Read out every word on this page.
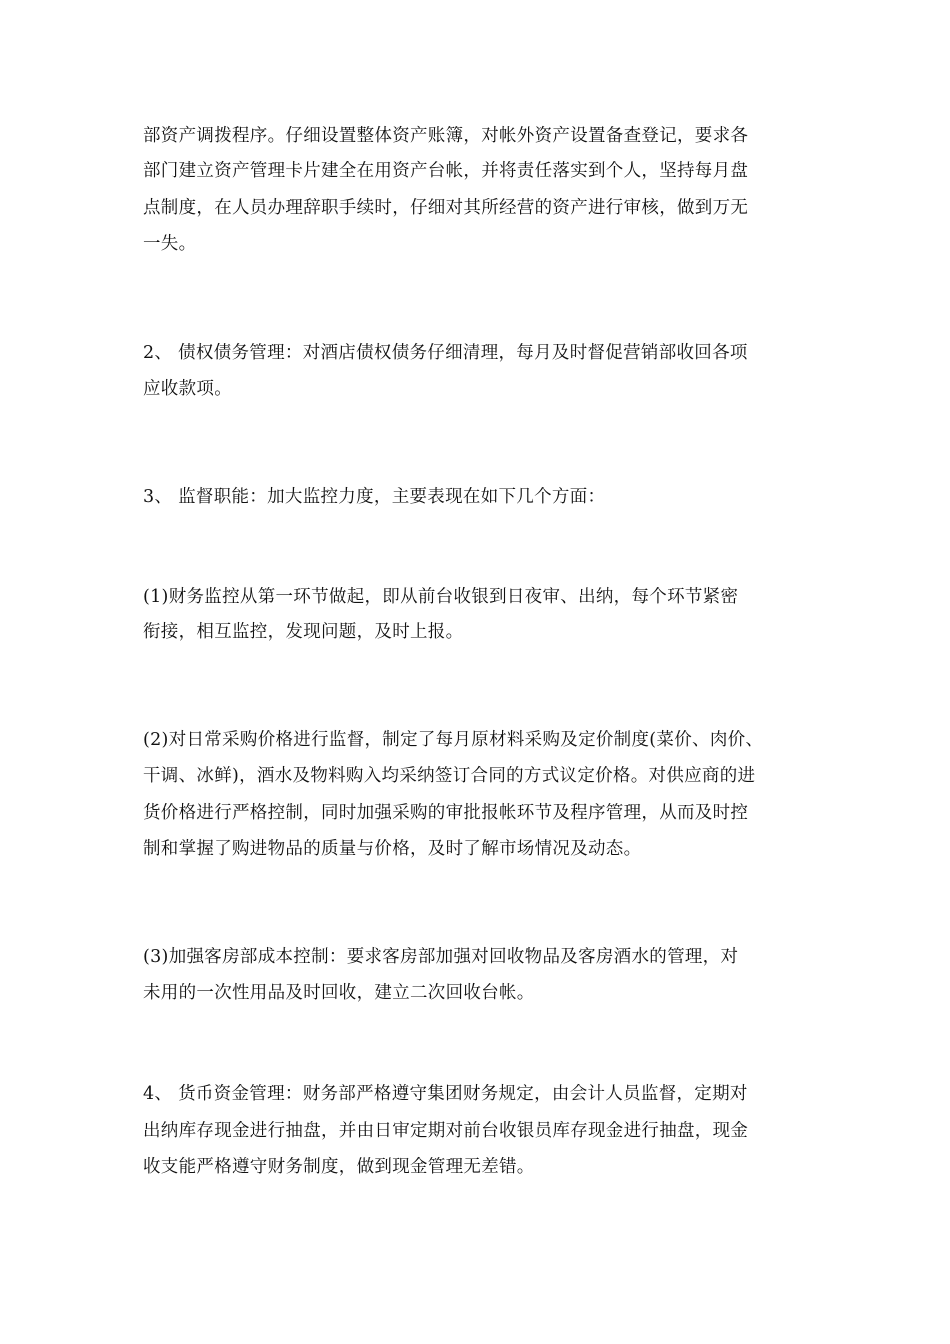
部资产调拨程序。仔细设置整体资产账簿，对帐外资产设置备查登记，要求各
部门建立资产管理卡片建全在用资产台帐，并将责任落实到个人，坚持每月盘
点制度，在人员办理辞职手续时，仔细对其所经营的资产进行审核，做到万无
一失。
2、 债权债务管理：对酒店债权债务仔细清理，每月及时督促营销部收回各项
应收款项。
3、 监督职能：加大监控力度，主要表现在如下几个方面：
(1)财务监控从第一环节做起，即从前台收银到日夜审、出纳，每个环节紧密
衔接，相互监控，发现问题，及时上报。
(2)对日常采购价格进行监督，制定了每月原材料采购及定价制度(菜价、肉价、
干调、冰鲜)，酒水及物料购入均采纳签订合同的方式议定价格。对供应商的进
货价格进行严格控制，同时加强采购的审批报帐环节及程序管理，从而及时控
制和掌握了购进物品的质量与价格，及时了解市场情况及动态。
(3)加强客房部成本控制：要求客房部加强对回收物品及客房酒水的管理，对
未用的一次性用品及时回收，建立二次回收台帐。
4、 货币资金管理：财务部严格遵守集团财务规定，由会计人员监督，定期对
出纳库存现金进行抽盘，并由日审定期对前台收银员库存现金进行抽盘，现金
收支能严格遵守财务制度，做到现金管理无差错。
